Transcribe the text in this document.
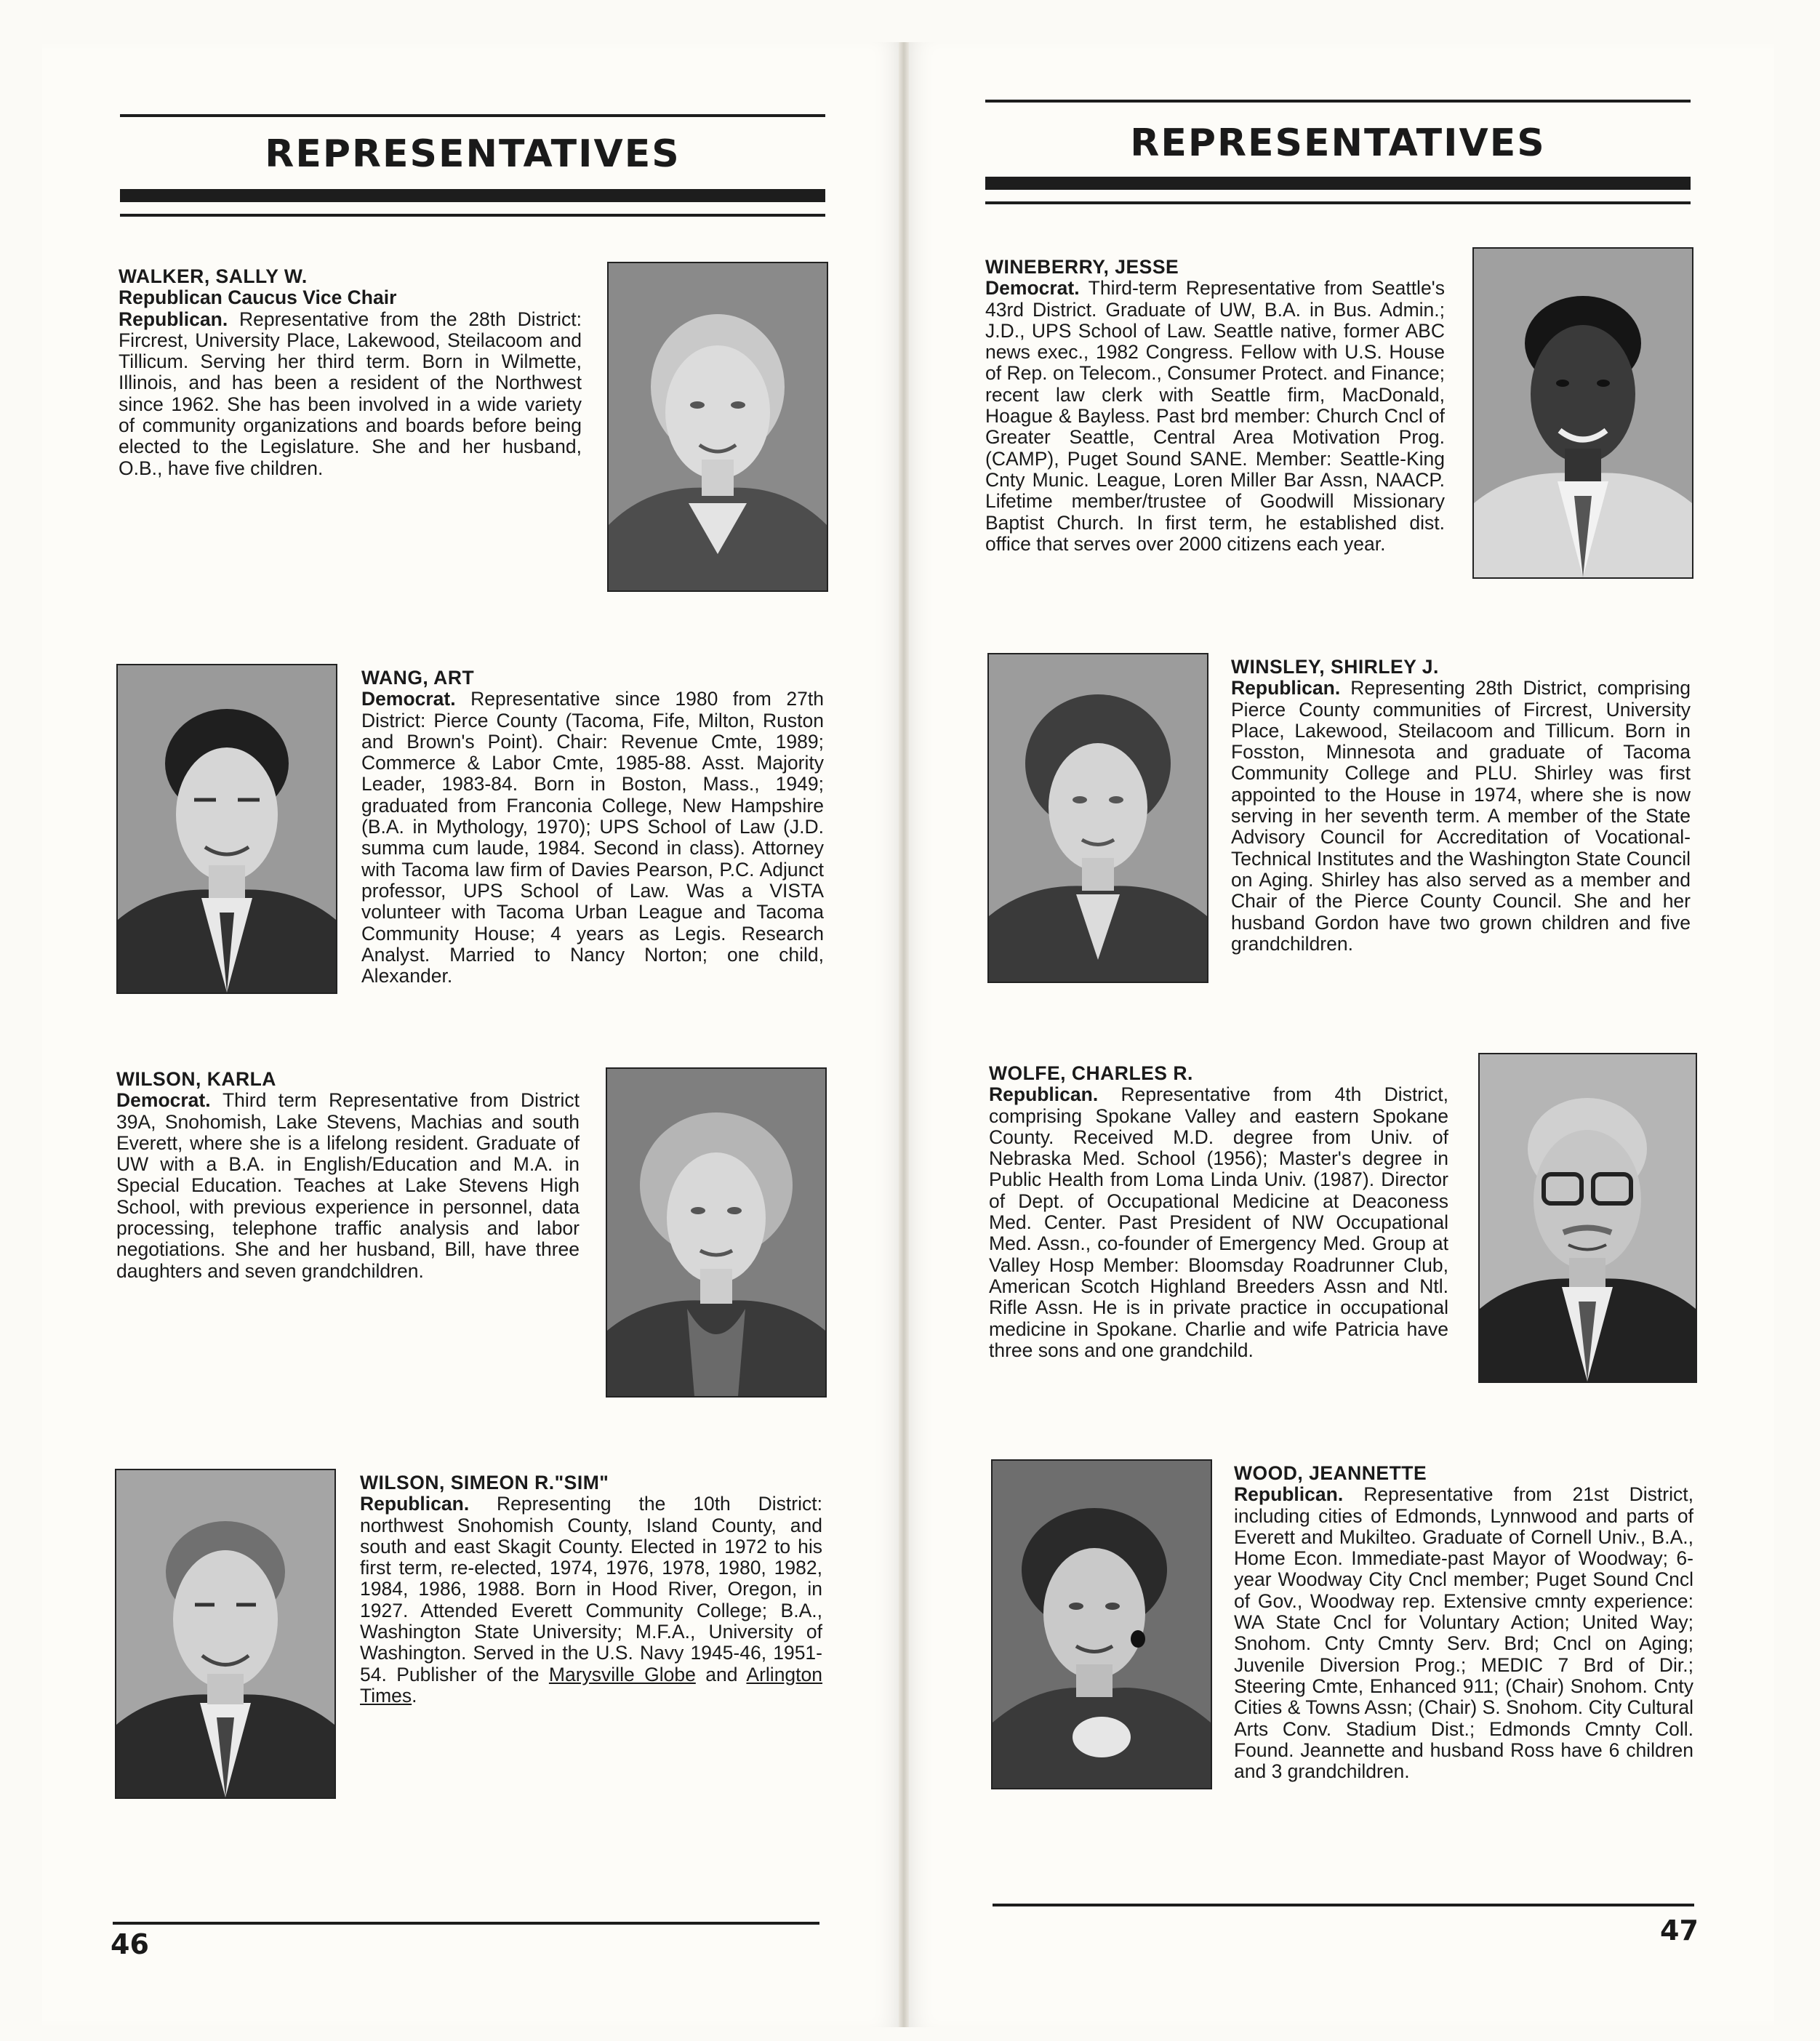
REPRESENTATIVES
WALKER, SALLY W.
Republican Caucus Vice Chair
Republican. Representative from the 28th District: Fircrest, University Place, Lakewood, Steilacoom and Tillicum. Serving her third term. Born in Wilmette, Illinois, and has been a resident of the Northwest since 1962. She has been involved in a wide variety of community organizations and boards before being elected to the Legislature. She and her husband, O.B., have five children.
WANG, ART
Democrat. Representative since 1980 from 27th District: Pierce County (Tacoma, Fife, Milton, Ruston and Brown's Point). Chair: Revenue Cmte, 1989; Commerce & Labor Cmte, 1985-88. Asst. Majority Leader, 1983-84. Born in Boston, Mass., 1949; graduated from Franconia College, New Hampshire (B.A. in Mythology, 1970); UPS School of Law (J.D. summa cum laude, 1984. Second in class). Attorney with Tacoma law firm of Davies Pearson, P.C. Adjunct professor, UPS School of Law. Was a VISTA volunteer with Tacoma Urban League and Tacoma Community House; 4 years as Legis. Research Analyst. Married to Nancy Norton; one child, Alexander.
WILSON, KARLA
Democrat. Third term Representative from District 39A, Snohomish, Lake Stevens, Machias and south Everett, where she is a lifelong resident. Graduate of UW with a B.A. in English/Education and M.A. in Special Education. Teaches at Lake Stevens High School, with previous experience in personnel, data processing, telephone traffic analysis and labor negotiations. She and her husband, Bill, have three daughters and seven grandchildren.
WILSON, SIMEON R."SIM"
Republican. Representing the 10th District: northwest Snohomish County, Island County, and south and east Skagit County. Elected in 1972 to his first term, re-elected, 1974, 1976, 1978, 1980, 1982, 1984, 1986, 1988. Born in Hood River, Oregon, in 1927. Attended Everett Community College; B.A., Washington State University; M.F.A., University of Washington. Served in the U.S. Navy 1945-46, 1951-54. Publisher of the Marysville Globe and Arlington Times.
46
REPRESENTATIVES
WINEBERRY, JESSE
Democrat. Third-term Representative from Seattle's 43rd District. Graduate of UW, B.A. in Bus. Admin.; J.D., UPS School of Law. Seattle native, former ABC news exec., 1982 Congress. Fellow with U.S. House of Rep. on Telecom., Consumer Protect. and Finance; recent law clerk with Seattle firm, MacDonald, Hoague & Bayless. Past brd member: Church Cncl of Greater Seattle, Central Area Motivation Prog. (CAMP), Puget Sound SANE. Member: Seattle-King Cnty Munic. League, Loren Miller Bar Assn, NAACP. Lifetime member/trustee of Goodwill Missionary Baptist Church. In first term, he established dist. office that serves over 2000 citizens each year.
WINSLEY, SHIRLEY J.
Republican. Representing 28th District, comprising Pierce County communities of Fircrest, University Place, Lakewood, Steilacoom and Tillicum. Born in Fosston, Minnesota and graduate of Tacoma Community College and PLU. Shirley was first appointed to the House in 1974, where she is now serving in her seventh term. A member of the State Advisory Council for Accreditation of Vocational-Technical Institutes and the Washington State Council on Aging. Shirley has also served as a member and Chair of the Pierce County Council. She and her husband Gordon have two grown children and five grandchildren.
WOLFE, CHARLES R.
Republican. Representative from 4th District, comprising Spokane Valley and eastern Spokane County. Received M.D. degree from Univ. of Nebraska Med. School (1956); Master's degree in Public Health from Loma Linda Univ. (1987). Director of Dept. of Occupational Medicine at Deaconess Med. Center. Past President of NW Occupational Med. Assn., co-founder of Emergency Med. Group at Valley Hosp Member: Bloomsday Roadrunner Club, American Scotch Highland Breeders Assn and Ntl. Rifle Assn. He is in private practice in occupational medicine in Spokane. Charlie and wife Patricia have three sons and one grandchild.
WOOD, JEANNETTE
Republican. Representative from 21st District, including cities of Edmonds, Lynnwood and parts of Everett and Mukilteo. Graduate of Cornell Univ., B.A., Home Econ. Immediate-past Mayor of Woodway; 6-year Woodway City Cncl member; Puget Sound Cncl of Gov., Woodway rep. Extensive cmnty experience: WA State Cncl for Voluntary Action; United Way; Snohom. Cnty Cmnty Serv. Brd; Cncl on Aging; Juvenile Diversion Prog.; MEDIC 7 Brd of Dir.; Steering Cmte, Enhanced 911; (Chair) Snohom. Cnty Cities & Towns Assn; (Chair) S. Snohom. City Cultural Arts Conv. Stadium Dist.; Edmonds Cmnty Coll. Found. Jeannette and husband Ross have 6 children and 3 grandchildren.
47
